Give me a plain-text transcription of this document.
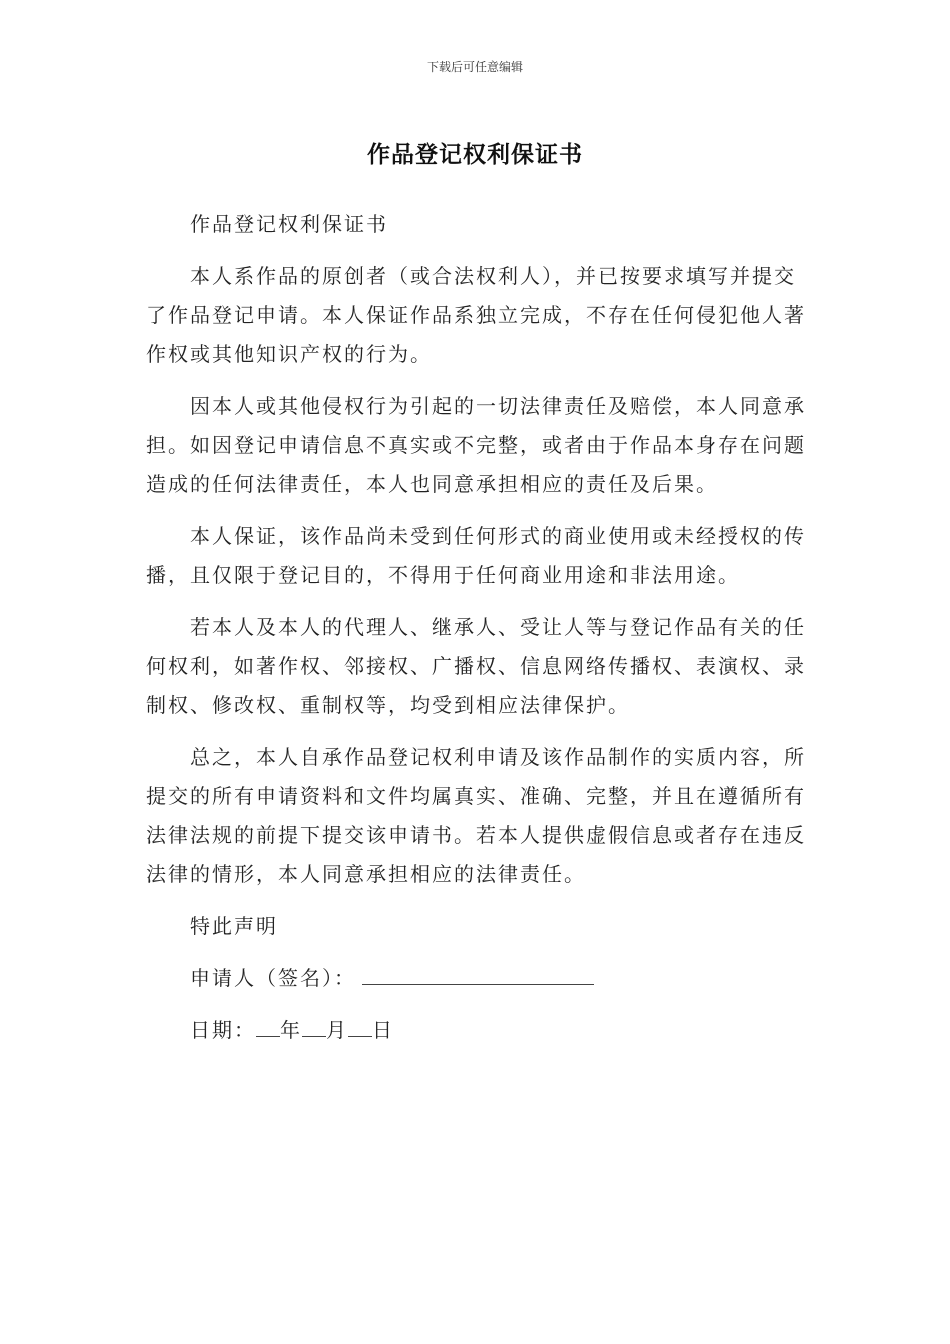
下载后可任意编辑
作品登记权利保证书

作品登记权利保证书

本人系作品的原创者（或合法权利人），并已按要求填写并提交了作品登记申请。本人保证作品系独立完成，不存在任何侵犯他人著作权或其他知识产权的行为。

因本人或其他侵权行为引起的一切法律责任及赔偿，本人同意承担。如因登记申请信息不真实或不完整，或者由于作品本身存在问题造成的任何法律责任，本人也同意承担相应的责任及后果。

本人保证，该作品尚未受到任何形式的商业使用或未经授权的传播，且仅限于登记目的，不得用于任何商业用途和非法用途。

若本人及本人的代理人、继承人、受让人等与登记作品有关的任何权利，如著作权、邻接权、广播权、信息网络传播权、表演权、录制权、修改权、重制权等，均受到相应法律保护。

总之，本人自承作品登记权利申请及该作品制作的实质内容，所提交的所有申请资料和文件均属真实、准确、完整，并且在遵循所有法律法规的前提下提交该申请书。若本人提供虚假信息或者存在违反法律的情形，本人同意承担相应的法律责任。

特此声明

申请人（签名）：
日期： 年 月 日
